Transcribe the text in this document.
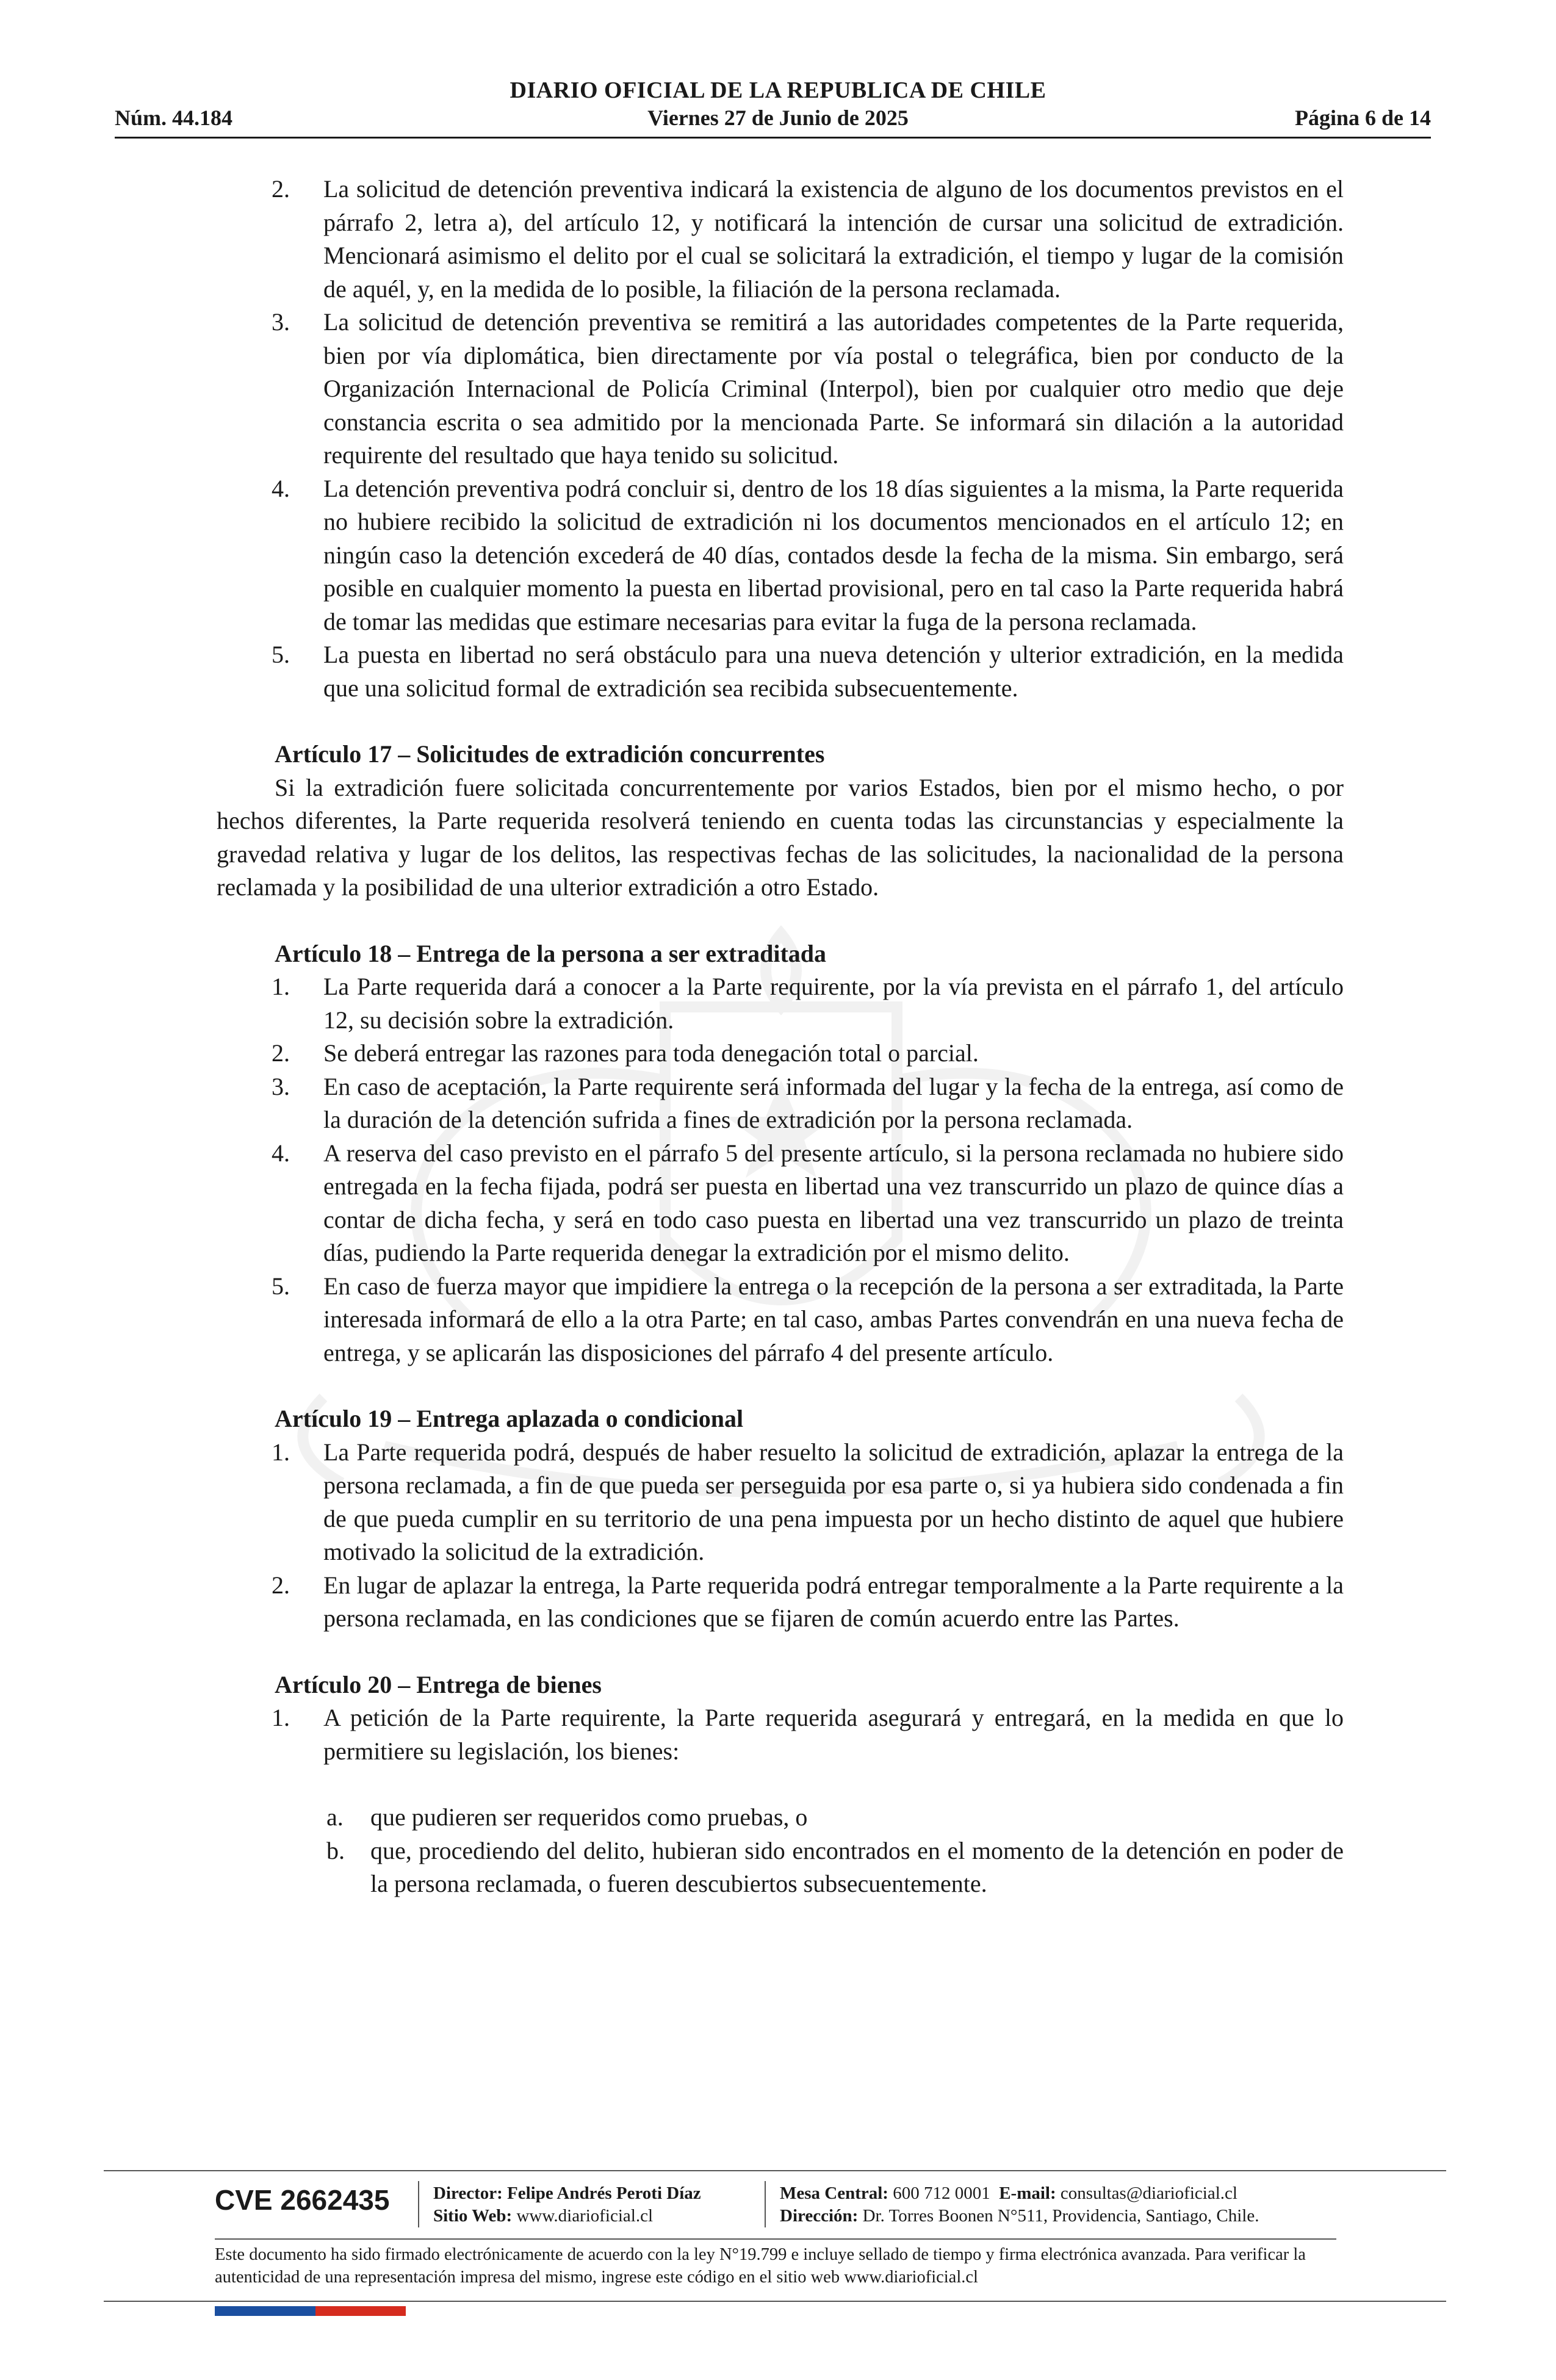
DIARIO OFICIAL DE LA REPUBLICA DE CHILE
Núm. 44.184	Viernes 27 de Junio de 2025	Página 6 de 14
2. La solicitud de detención preventiva indicará la existencia de alguno de los documentos previstos en el párrafo 2, letra a), del artículo 12, y notificará la intención de cursar una solicitud de extradición. Mencionará asimismo el delito por el cual se solicitará la extradición, el tiempo y lugar de la comisión de aquél, y, en la medida de lo posible, la filiación de la persona reclamada.
3. La solicitud de detención preventiva se remitirá a las autoridades competentes de la Parte requerida, bien por vía diplomática, bien directamente por vía postal o telegráfica, bien por conducto de la Organización Internacional de Policía Criminal (Interpol), bien por cualquier otro medio que deje constancia escrita o sea admitido por la mencionada Parte. Se informará sin dilación a la autoridad requirente del resultado que haya tenido su solicitud.
4. La detención preventiva podrá concluir si, dentro de los 18 días siguientes a la misma, la Parte requerida no hubiere recibido la solicitud de extradición ni los documentos mencionados en el artículo 12; en ningún caso la detención excederá de 40 días, contados desde la fecha de la misma. Sin embargo, será posible en cualquier momento la puesta en libertad provisional, pero en tal caso la Parte requerida habrá de tomar las medidas que estimare necesarias para evitar la fuga de la persona reclamada.
5. La puesta en libertad no será obstáculo para una nueva detención y ulterior extradición, en la medida que una solicitud formal de extradición sea recibida subsecuentemente.
Artículo 17 – Solicitudes de extradición concurrentes

Si la extradición fuere solicitada concurrentemente por varios Estados, bien por el mismo hecho, o por hechos diferentes, la Parte requerida resolverá teniendo en cuenta todas las circunstancias y especialmente la gravedad relativa y lugar de los delitos, las respectivas fechas de las solicitudes, la nacionalidad de la persona reclamada y la posibilidad de una ulterior extradición a otro Estado.

Artículo 18 – Entrega de la persona a ser extraditada
1. La Parte requerida dará a conocer a la Parte requirente, por la vía prevista en el párrafo 1, del artículo 12, su decisión sobre la extradición.
2. Se deberá entregar las razones para toda denegación total o parcial.
3. En caso de aceptación, la Parte requirente será informada del lugar y la fecha de la entrega, así como de la duración de la detención sufrida a fines de extradición por la persona reclamada.
4. A reserva del caso previsto en el párrafo 5 del presente artículo, si la persona reclamada no hubiere sido entregada en la fecha fijada, podrá ser puesta en libertad una vez transcurrido un plazo de quince días a contar de dicha fecha, y será en todo caso puesta en libertad una vez transcurrido un plazo de treinta días, pudiendo la Parte requerida denegar la extradición por el mismo delito.
5. En caso de fuerza mayor que impidiere la entrega o la recepción de la persona a ser extraditada, la Parte interesada informará de ello a la otra Parte; en tal caso, ambas Partes convendrán en una nueva fecha de entrega, y se aplicarán las disposiciones del párrafo 4 del presente artículo.
Artículo 19 – Entrega aplazada o condicional
1. La Parte requerida podrá, después de haber resuelto la solicitud de extradición, aplazar la entrega de la persona reclamada, a fin de que pueda ser perseguida por esa parte o, si ya hubiera sido condenada a fin de que pueda cumplir en su territorio de una pena impuesta por un hecho distinto de aquel que hubiere motivado la solicitud de la extradición.
2. En lugar de aplazar la entrega, la Parte requerida podrá entregar temporalmente a la Parte requirente a la persona reclamada, en las condiciones que se fijaren de común acuerdo entre las Partes.
Artículo 20 – Entrega de bienes
1. A petición de la Parte requirente, la Parte requerida asegurará y entregará, en la medida en que lo permitiere su legislación, los bienes:
a. que pudieren ser requeridos como pruebas, o
b. que, procediendo del delito, hubieran sido encontrados en el momento de la detención en poder de la persona reclamada, o fueren descubiertos subsecuentemente.
CVE 2662435 Director: Felipe Andrés Peroti Díaz
Sitio Web: www.diarioficial.cl
Mesa Central: 600 712 0001 E-mail: consultas@diarioficial.cl
Dirección: Dr. Torres Boonen N°511, Providencia, Santiago, Chile.
Este documento ha sido firmado electrónicamente de acuerdo con la ley N°19.799 e incluye sellado de tiempo y firma electrónica avanzada. Para verificar la autenticidad de una representación impresa del mismo, ingrese este código en el sitio web www.diarioficial.cl
